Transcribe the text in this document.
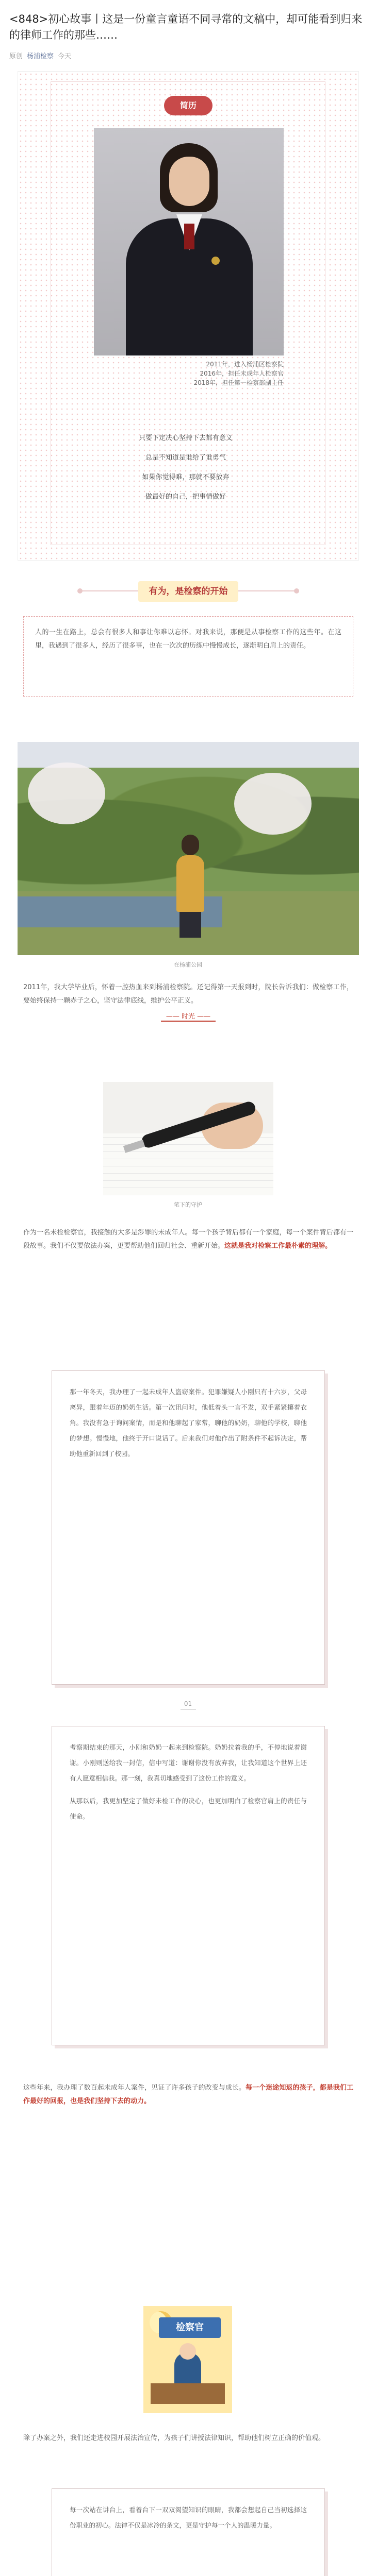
<848>初心故事丨这是一份童言童语不同寻常的文稿中，却可能看到归来的律师工作的那些……
原创 杨浦检察 今天
简历
2011年，进入杨浦区检察院
2016年，担任未成年人检察官
2018年，担任第一检察部副主任
只要下定决心坚持下去都有意义
总是不知道是谁给了谁勇气
如果你觉得难，那就不要放弃
做最好的自己，把事情做好
有为，是检察的开始

人的一生在路上，总会有很多人和事让你难以忘怀。对我来说，那便是从事检察工作的这些年。在这里，我遇到了很多人，经历了很多事，也在一次次的历练中慢慢成长，逐渐明白肩上的责任。

在杨浦公园

2011年，我大学毕业后，怀着一腔热血来到杨浦检察院。还记得第一天报到时，院长告诉我们：做检察工作，要始终保持一颗赤子之心，坚守法律底线，维护公平正义。

—— 时光 ——
笔下的守护

作为一名未检检察官，我接触的大多是涉罪的未成年人。每一个孩子背后都有一个家庭，每一个案件背后都有一段故事。我们不仅要依法办案，更要帮助他们回归社会、重新开始。这就是我对检察工作最朴素的理解。

那一年冬天，我办理了一起未成年人盗窃案件。犯罪嫌疑人小刚只有十六岁，父母离异，跟着年迈的奶奶生活。第一次讯问时，他低着头一言不发，双手紧紧攥着衣角。我没有急于询问案情，而是和他聊起了家常，聊他的奶奶，聊他的学校，聊他的梦想。慢慢地，他终于开口说话了。后来我们对他作出了附条件不起诉决定，帮助他重新回到了校园。

01

考察期结束的那天，小刚和奶奶一起来到检察院。奶奶拉着我的手，不停地说着谢谢。小刚则送给我一封信，信中写道：谢谢你没有放弃我，让我知道这个世界上还有人愿意相信我。那一刻，我真切地感受到了这份工作的意义。

从那以后，我更加坚定了做好未检工作的决心，也更加明白了检察官肩上的责任与使命。

这些年来，我办理了数百起未成年人案件，见证了许多孩子的改变与成长。每一个迷途知返的孩子，都是我们工作最好的回报，也是我们坚持下去的动力。

检察官

除了办案之外，我们还走进校园开展法治宣传，为孩子们讲授法律知识，帮助他们树立正确的价值观。

每一次站在讲台上，看着台下一双双渴望知识的眼睛，我都会想起自己当初选择这份职业的初心。法律不仅是冰冷的条文，更是守护每一个人的温暖力量。
